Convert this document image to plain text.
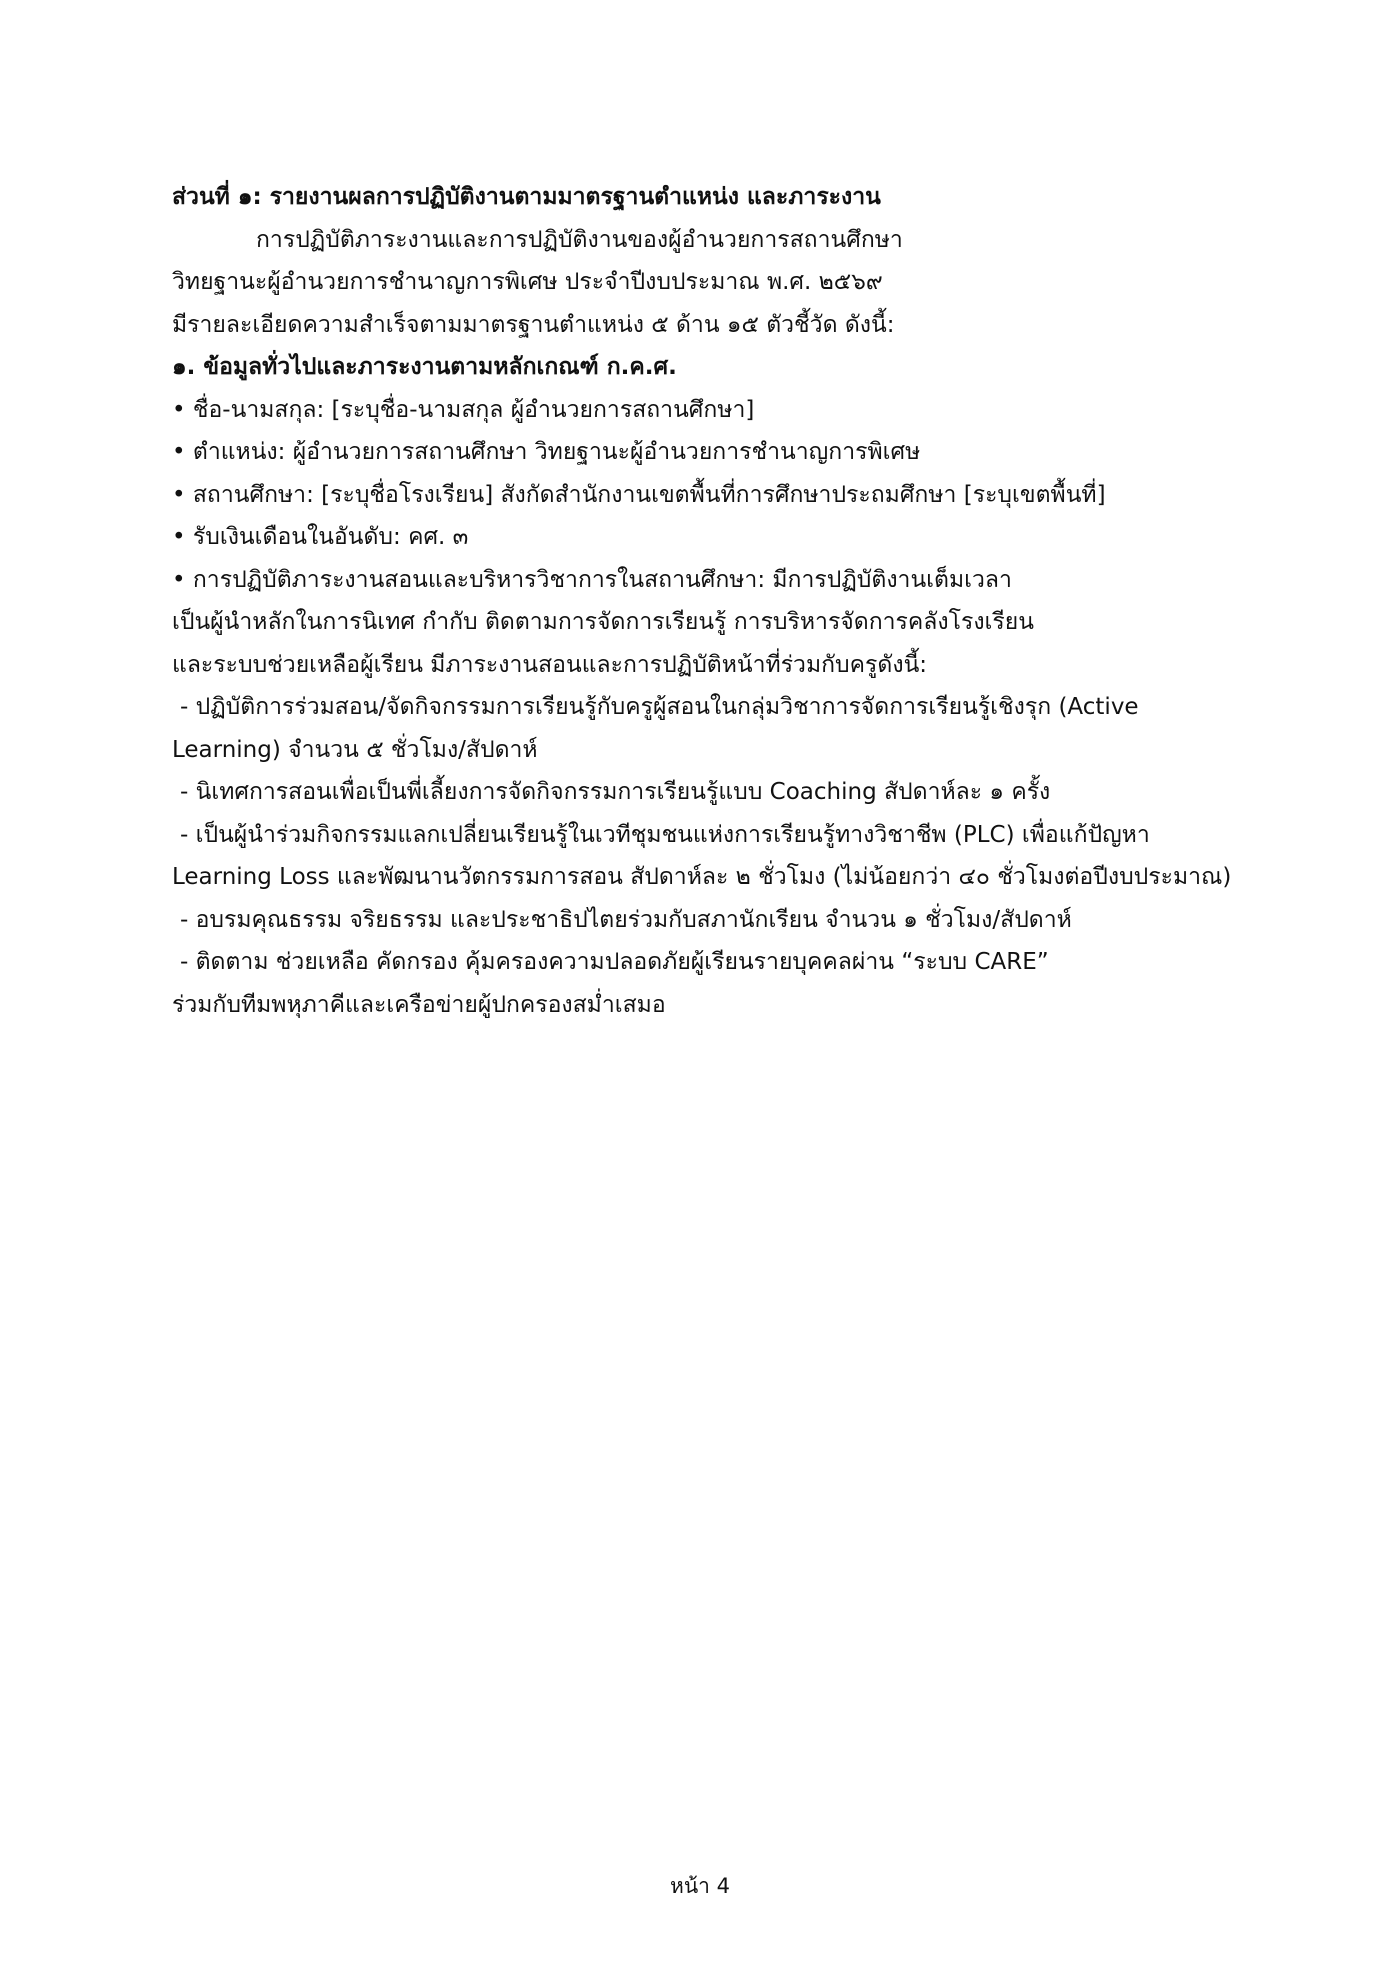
ส่วนที่ ๑: รายงานผลการปฏิบัติงานตามมาตรฐานตำแหน่ง และภาระงาน

การปฏิบัติภาระงานและการปฏิบัติงานของผู้อำนวยการสถานศึกษา

วิทยฐานะผู้อำนวยการชำนาญการพิเศษ ประจำปีงบประมาณ พ.ศ. ๒๕๖๙

มีรายละเอียดความสำเร็จตามมาตรฐานตำแหน่ง ๕ ด้าน ๑๕ ตัวชี้วัด ดังนี้:

๑. ข้อมูลทั่วไปและภาระงานตามหลักเกณฑ์ ก.ค.ศ.

• ชื่อ-นามสกุล: [ระบุชื่อ-นามสกุล ผู้อำนวยการสถานศึกษา]

• ตำแหน่ง: ผู้อำนวยการสถานศึกษา วิทยฐานะผู้อำนวยการชำนาญการพิเศษ

• สถานศึกษา: [ระบุชื่อโรงเรียน] สังกัดสำนักงานเขตพื้นที่การศึกษาประถมศึกษา [ระบุเขตพื้นที่]

• รับเงินเดือนในอันดับ: คศ. ๓

• การปฏิบัติภาระงานสอนและบริหารวิชาการในสถานศึกษา: มีการปฏิบัติงานเต็มเวลา

เป็นผู้นำหลักในการนิเทศ กำกับ ติดตามการจัดการเรียนรู้ การบริหารจัดการคลังโรงเรียน

และระบบช่วยเหลือผู้เรียน มีภาระงานสอนและการปฏิบัติหน้าที่ร่วมกับครูดังนี้:

- ปฏิบัติการร่วมสอน/จัดกิจกรรมการเรียนรู้กับครูผู้สอนในกลุ่มวิชาการจัดการเรียนรู้เชิงรุก (Active

Learning) จำนวน ๕ ชั่วโมง/สัปดาห์

- นิเทศการสอนเพื่อเป็นพี่เลี้ยงการจัดกิจกรรมการเรียนรู้แบบ Coaching สัปดาห์ละ ๑ ครั้ง

- เป็นผู้นำร่วมกิจกรรมแลกเปลี่ยนเรียนรู้ในเวทีชุมชนแห่งการเรียนรู้ทางวิชาชีพ (PLC) เพื่อแก้ปัญหา

Learning Loss และพัฒนานวัตกรรมการสอน สัปดาห์ละ ๒ ชั่วโมง (ไม่น้อยกว่า ๔๐ ชั่วโมงต่อปีงบประมาณ)

- อบรมคุณธรรม จริยธรรม และประชาธิปไตยร่วมกับสภานักเรียน จำนวน ๑ ชั่วโมง/สัปดาห์

- ติดตาม ช่วยเหลือ คัดกรอง คุ้มครองความปลอดภัยผู้เรียนรายบุคคลผ่าน “ระบบ CARE”

ร่วมกับทีมพหุภาคีและเครือข่ายผู้ปกครองสม่ำเสมอ

หน้า 4
